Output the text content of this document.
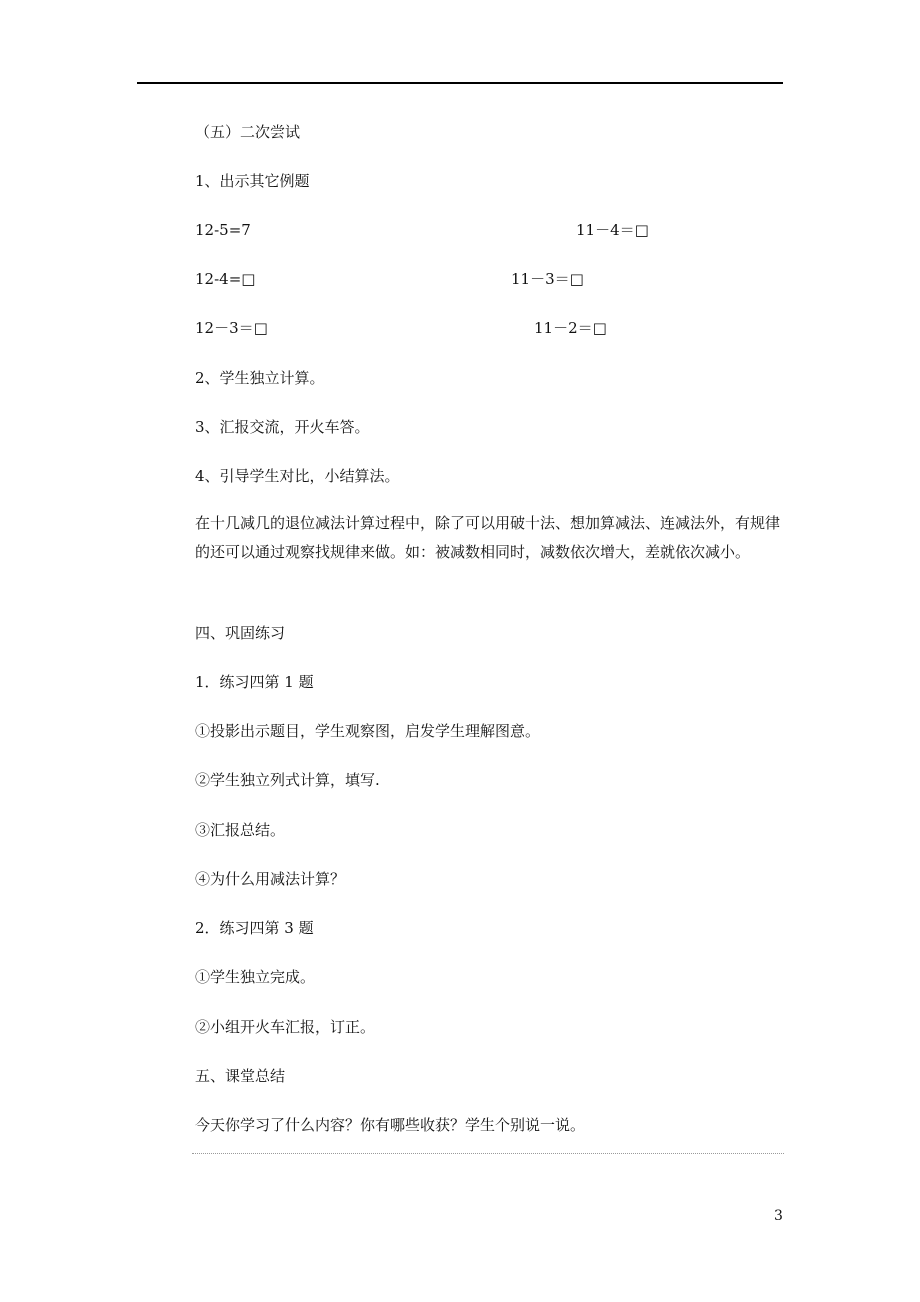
（五）二次尝试
1、出示其它例题
12-5=7	11－4＝□
12-4=□	11－3＝□
12－3＝□	11－2＝□
2、学生独立计算。
3、汇报交流，开火车答。
4、引导学生对比，小结算法。
在十几减几的退位减法计算过程中，除了可以用破十法、想加算减法、连减法外，有规律的还可以通过观察找规律来做。如：被减数相同时，减数依次增大，差就依次减小。
四、巩固练习
1．练习四第 1 题
①投影出示题目，学生观察图，启发学生理解图意。
②学生独立列式计算，填写.
③汇报总结。
④为什么用减法计算？
2．练习四第 3 题
①学生独立完成。
②小组开火车汇报，订正。
五、课堂总结
今天你学习了什么内容？你有哪些收获？学生个别说一说。
3
